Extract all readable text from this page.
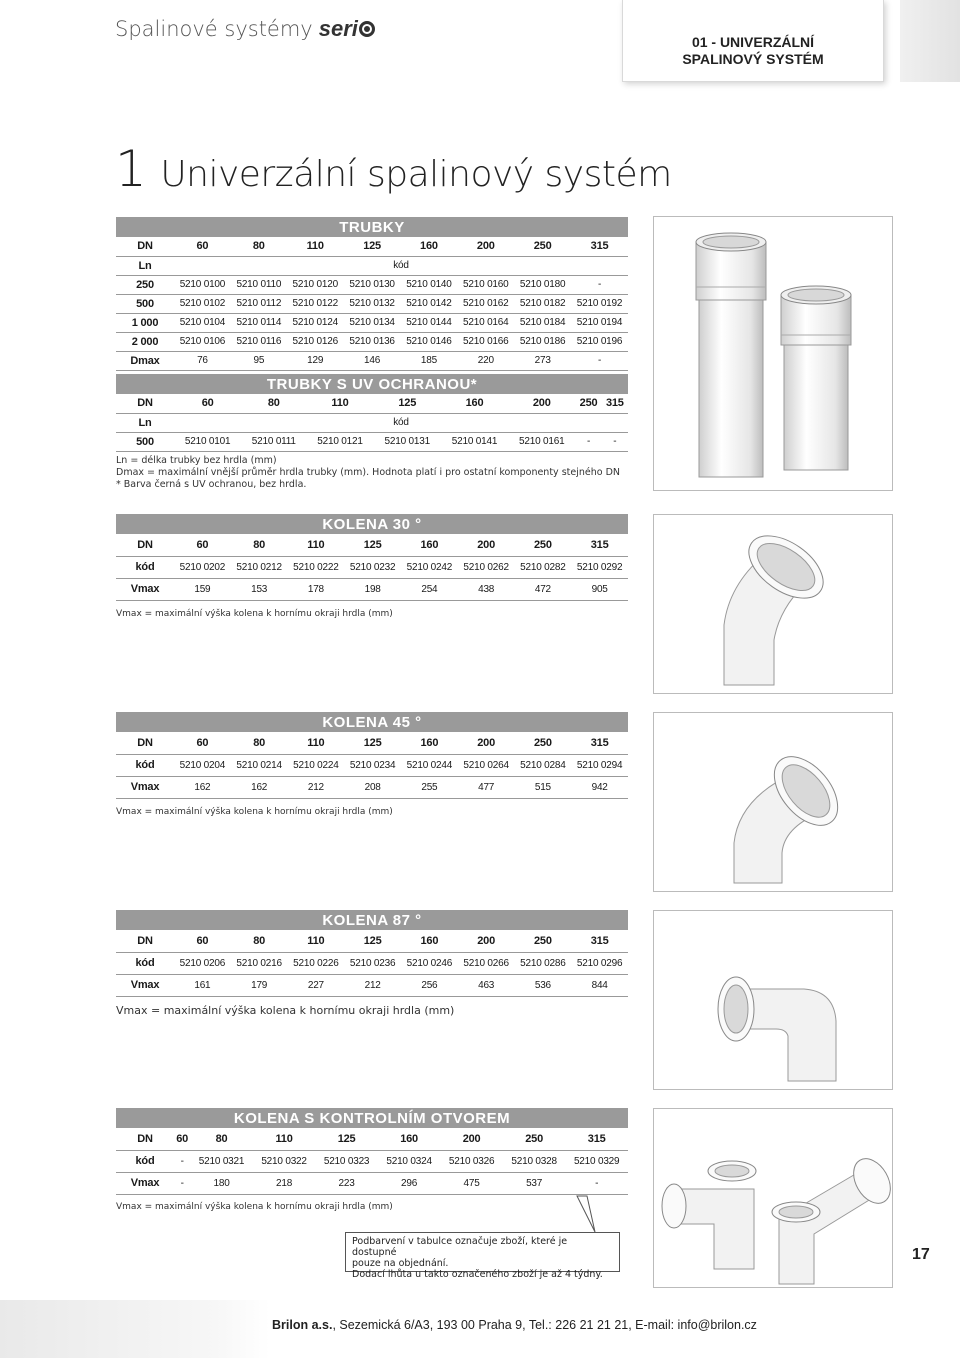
Spalinové systémy seri
01 - UNIVERZÁLNÍ
SPALINOVÝ SYSTÉM
1 Univerzální spalinový systém
TRUBKY								
DN	60	80	110	125	160	200	250	315
Ln	kód							
250	5210 0100	5210 0110	5210 0120	5210 0130	5210 0140	5210 0160	5210 0180	-
500	5210 0102	5210 0112	5210 0122	5210 0132	5210 0142	5210 0162	5210 0182	5210 0192
1 000	5210 0104	5210 0114	5210 0124	5210 0134	5210 0144	5210 0164	5210 0184	5210 0194
2 000	5210 0106	5210 0116	5210 0126	5210 0136	5210 0146	5210 0166	5210 0186	5210 0196
Dmax	76	95	129	146	185	220	273	-
TRUBKY S UV OCHRANOU*								
DN	60	80	110	125	160	200	250	315
Ln	kód							
500	5210 0101	5210 0111	5210 0121	5210 0131	5210 0141	5210 0161	-	-
Ln = délka trubky bez hrdla (mm)
Dmax = maximální vnější průměr hrdla trubky (mm). Hodnota platí i pro ostatní komponenty stejného DN
* Barva černá s UV ochranou, bez hrdla.
KOLENA 30 °								
DN	60	80	110	125	160	200	250	315
kód	5210 0202	5210 0212	5210 0222	5210 0232	5210 0242	5210 0262	5210 0282	5210 0292
Vmax	159	153	178	198	254	438	472	905
Vmax = maximální výška kolena k hornímu okraji hrdla (mm)
KOLENA 45 °								
DN	60	80	110	125	160	200	250	315
kód	5210 0204	5210 0214	5210 0224	5210 0234	5210 0244	5210 0264	5210 0284	5210 0294
Vmax	162	162	212	208	255	477	515	942
Vmax = maximální výška kolena k hornímu okraji hrdla (mm)
KOLENA 87 °								
DN	60	80	110	125	160	200	250	315
kód	5210 0206	5210 0216	5210 0226	5210 0236	5210 0246	5210 0266	5210 0286	5210 0296
Vmax	161	179	227	212	256	463	536	844
Vmax = maximální výška kolena k hornímu okraji hrdla (mm)
KOLENA S KONTROLNÍM OTVOREM								
DN	60	80	110	125	160	200	250	315
kód	-	5210 0321	5210 0322	5210 0323	5210 0324	5210 0326	5210 0328	5210 0329
Vmax	-	180	218	223	296	475	537	-
Vmax = maximální výška kolena k hornímu okraji hrdla (mm)
Podbarvení v tabulce označuje zboží, které je dostupné
pouze na objednání.
Dodací lhůta u takto označeného zboží je až 4 týdny.
17
Brilon a.s., Sezemická 6/A3, 193 00 Praha 9, Tel.: 226 21 21 21, E-mail: info@brilon.cz
